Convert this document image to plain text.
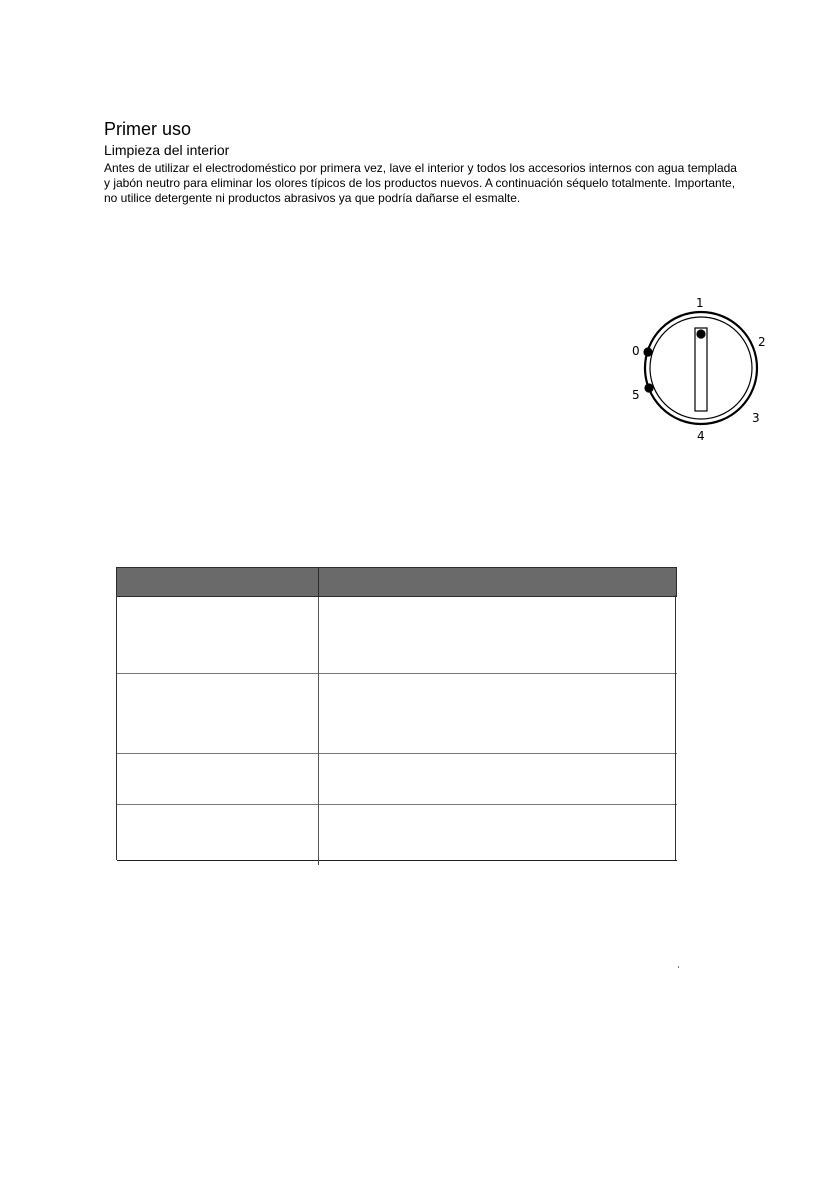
Primer uso
Limpieza del interior

Antes de utilizar el electrodoméstico por primera vez, lave el interior y todos los accesorios internos con agua templada
y jabón neutro para eliminar los olores típicos de los productos nuevos. A continuación séquelo totalmente. Importante,
no utilice detergente ni productos abrasivos ya que podría dañarse el esmalte.

1
0
2
5
3
4
